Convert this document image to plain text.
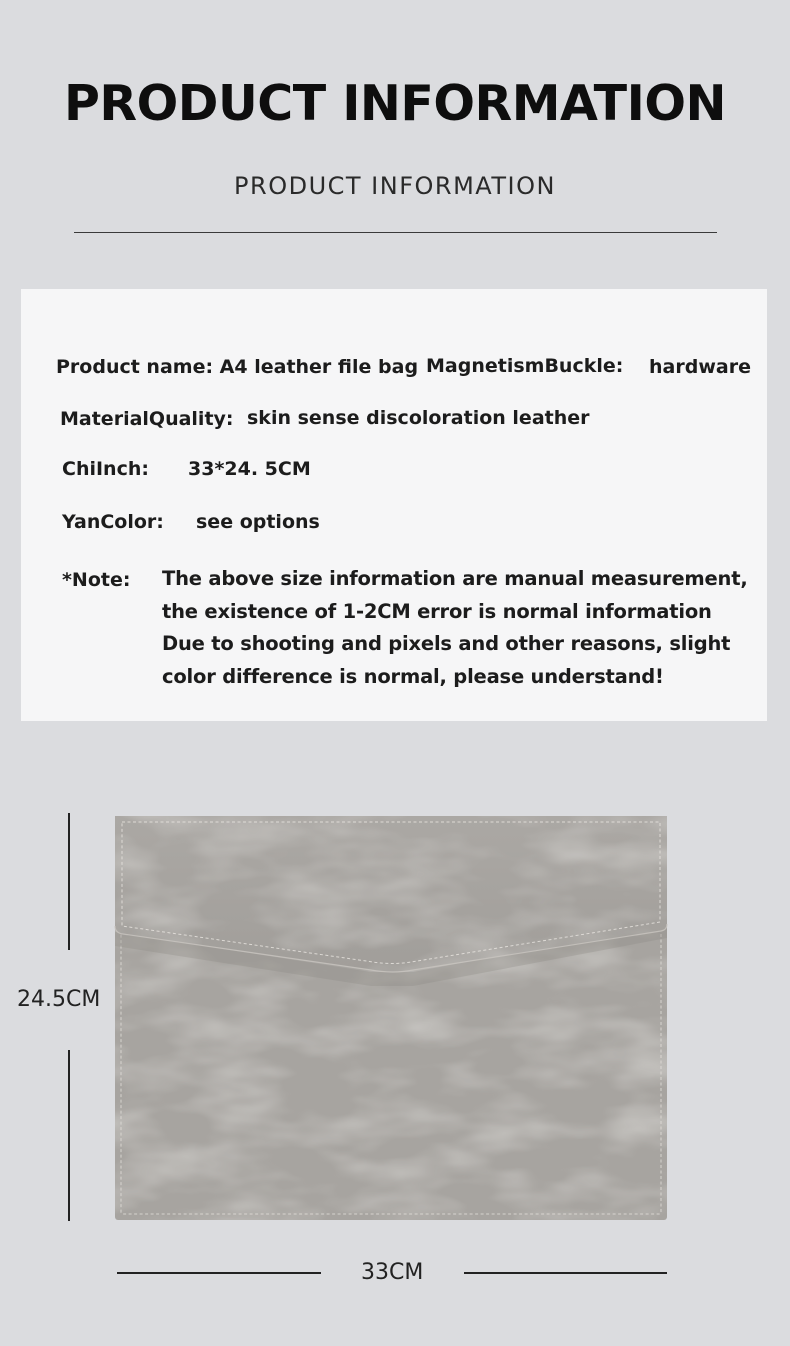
PRODUCT INFORMATION
PRODUCT INFORMATION
Product name: A4 leather file bag MagnetismBuckle: hardware
MaterialQuality: skin sense discoloration leather
ChiInch: 33*24. 5CM
YanColor: see options
*Note: The above size information are manual measurement,
the existence of 1-2CM error is normal information
Due to shooting and pixels and other reasons, slight
color difference is normal, please understand!
24.5CM
33CM
